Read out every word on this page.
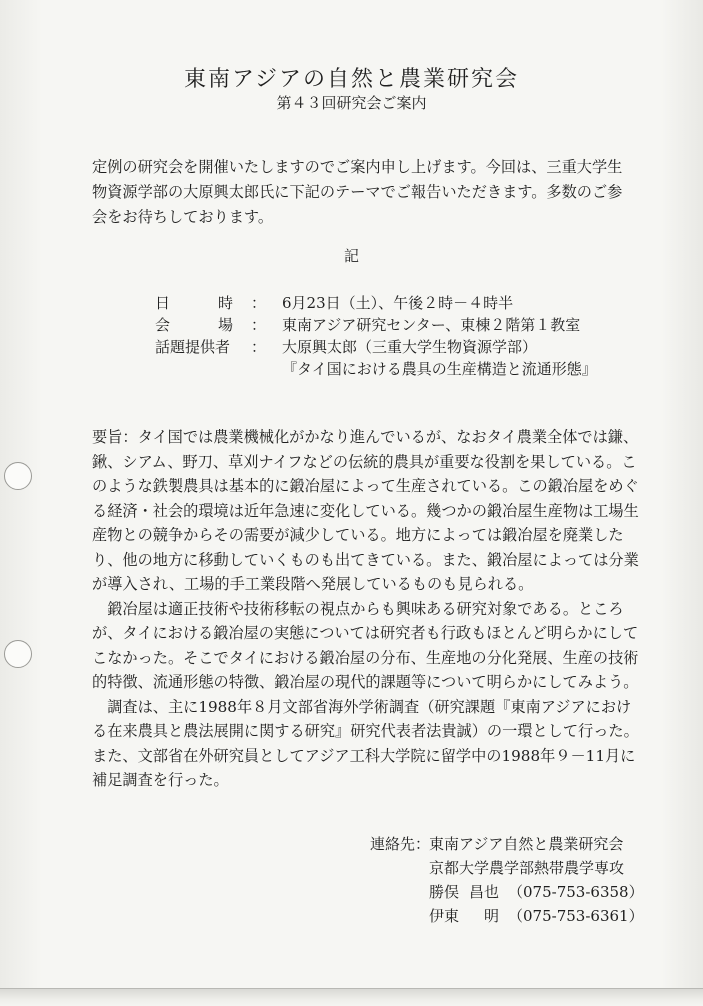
東南アジアの自然と農業研究会
第４３回研究会ご案内

定例の研究会を開催いたしますのでご案内申し上げます。今回は、三重大学生物資源学部の大原興太郎氏に下記のテーマでご報告いただきます。多数のご参会をお待ちしております。

記
日	時 ： 6月23日（土）、午後２時－４時半
会	場 ： 東南アジア研究センター、東棟２階第１教室
話題提供者	： 大原興太郎（三重大学生物資源学部）
『タイ国における農具の生産構造と流通形態』

要旨：タイ国では農業機械化がかなり進んでいるが、なおタイ農業全体では鎌、鍬、シアム、野刀、草刈ナイフなどの伝統的農具が重要な役割を果している。このような鉄製農具は基本的に鍛冶屋によって生産されている。この鍛冶屋をめぐる経済・社会的環境は近年急速に変化している。幾つかの鍛冶屋生産物は工場生産物との競争からその需要が減少している。地方によっては鍛冶屋を廃業したり、他の地方に移動していくものも出てきている。また、鍛冶屋によっては分業が導入され、工場的手工業段階へ発展しているものも見られる。

鍛冶屋は適正技術や技術移転の視点からも興味ある研究対象である。ところが、タイにおける鍛冶屋の実態については研究者も行政もほとんど明らかにしてこなかった。そこでタイにおける鍛冶屋の分布、生産地の分化発展、生産の技術的特徴、流通形態の特徴、鍛冶屋の現代的課題等について明らかにしてみよう。

調査は、主に1988年８月文部省海外学術調査（研究課題『東南アジアにおける在来農具と農法展開に関する研究』研究代表者法貴誠）の一環として行った。また、文部省在外研究員としてアジア工科大学院に留学中の1988年９－11月に補足調査を行った。

連絡先：
東南アジア自然と農業研究会
京都大学農学部熱帯農学専攻
勝俣 昌也 （075-753-6358）
伊東 明 （075-753-6361）
